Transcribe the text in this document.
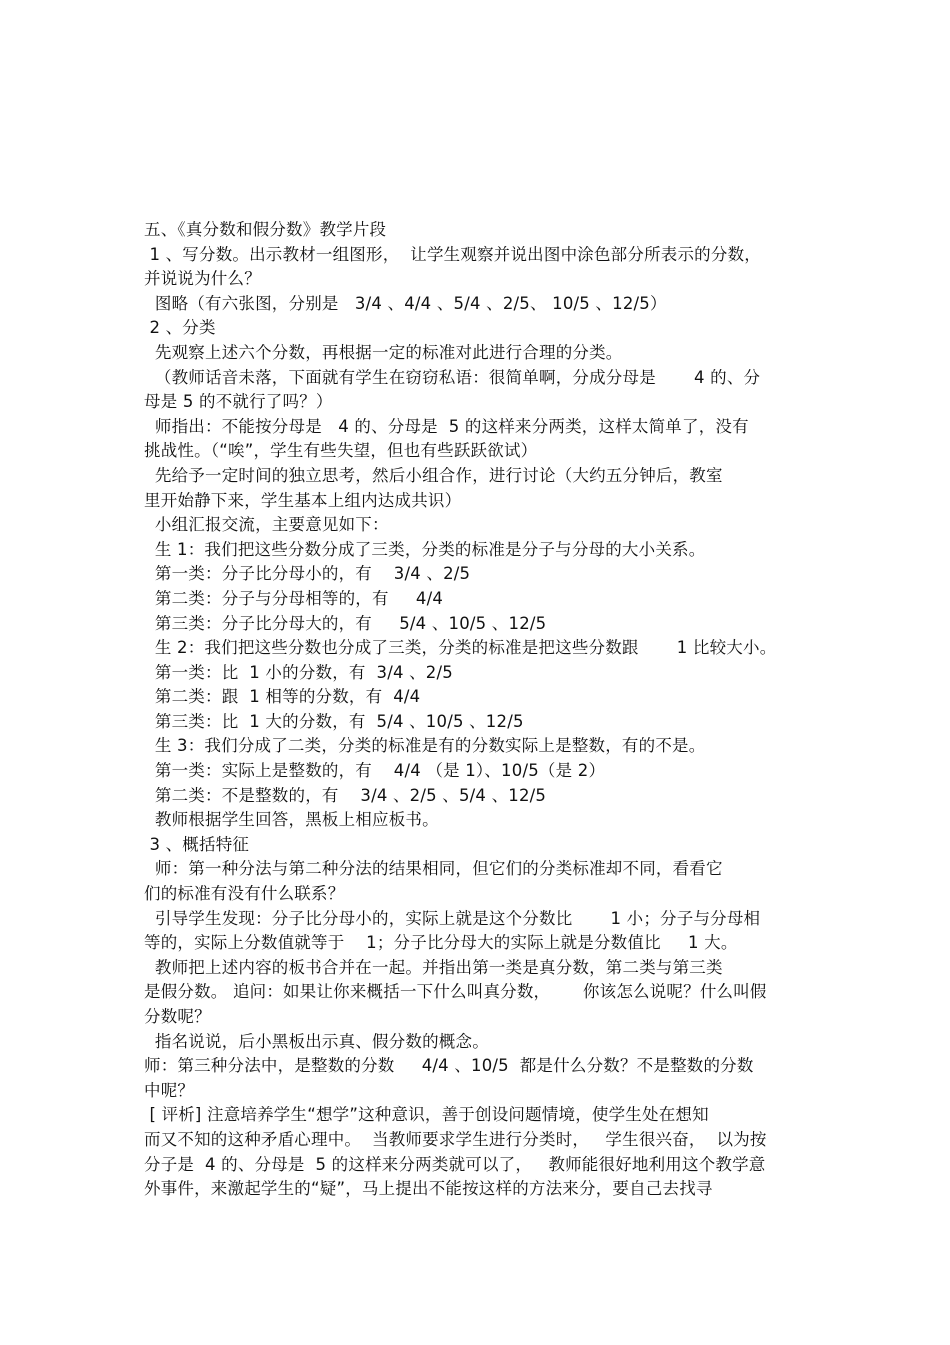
五、《真分数和假分数》教学片段
1 、写分数。出示教材一组图形，  让学生观察并说出图中涂色部分所表示的分数，
并说说为什么？
图略（有六张图，分别是   3/4 、4/4 、5/4 、2/5、 10/5 、12/5）
2 、分类
先观察上述六个分数，再根据一定的标准对此进行合理的分类。
（教师话音未落，下面就有学生在窃窃私语：很简单啊，分成分母是       4 的、分
母是 5 的不就行了吗？）
师指出：不能按分母是   4 的、分母是  5 的这样来分两类，这样太简单了，没有
挑战性。（“唉”，学生有些失望，但也有些跃跃欲试）
先给予一定时间的独立思考，然后小组合作，进行讨论（大约五分钟后，教室
里开始静下来，学生基本上组内达成共识）
小组汇报交流，主要意见如下：
生 1：我们把这些分数分成了三类，分类的标准是分子与分母的大小关系。
第一类：分子比分母小的，有    3/4 、2/5
第二类：分子与分母相等的，有     4/4
第三类：分子比分母大的，有     5/4 、10/5 、12/5
生 2：我们把这些分数也分成了三类，分类的标准是把这些分数跟       1 比较大小。
第一类：比  1 小的分数，有  3/4 、2/5
第二类：跟  1 相等的分数，有  4/4
第三类：比  1 大的分数，有  5/4 、10/5 、12/5
生 3：我们分成了二类，分类的标准是有的分数实际上是整数，有的不是。
第一类：实际上是整数的，有    4/4 （是 1）、10/5（是 2）
第二类：不是整数的，有    3/4 、2/5 、5/4 、12/5
教师根据学生回答，黑板上相应板书。
3 、概括特征
师：第一种分法与第二种分法的结果相同，但它们的分类标准却不同，看看它
们的标准有没有什么联系？
引导学生发现：分子比分母小的，实际上就是这个分数比       1 小；分子与分母相
等的，实际上分数值就等于    1；分子比分母大的实际上就是分数值比     1 大。
教师把上述内容的板书合并在一起。并指出第一类是真分数，第二类与第三类
是假分数。 追问：如果让你来概括一下什么叫真分数，      你该怎么说呢？什么叫假
分数呢？
指名说说，后小黑板出示真、假分数的概念。
师：第三种分法中，是整数的分数     4/4 、10/5  都是什么分数？不是整数的分数
中呢？
[ 评析] 注意培养学生“想学”这种意识，善于创设问题情境，使学生处在想知
而又不知的这种矛盾心理中。  当教师要求学生进行分类时，   学生很兴奋，  以为按
分子是  4 的、分母是  5 的这样来分两类就可以了，   教师能很好地利用这个教学意
外事件，来激起学生的“疑”，马上提出不能按这样的方法来分，要自己去找寻
